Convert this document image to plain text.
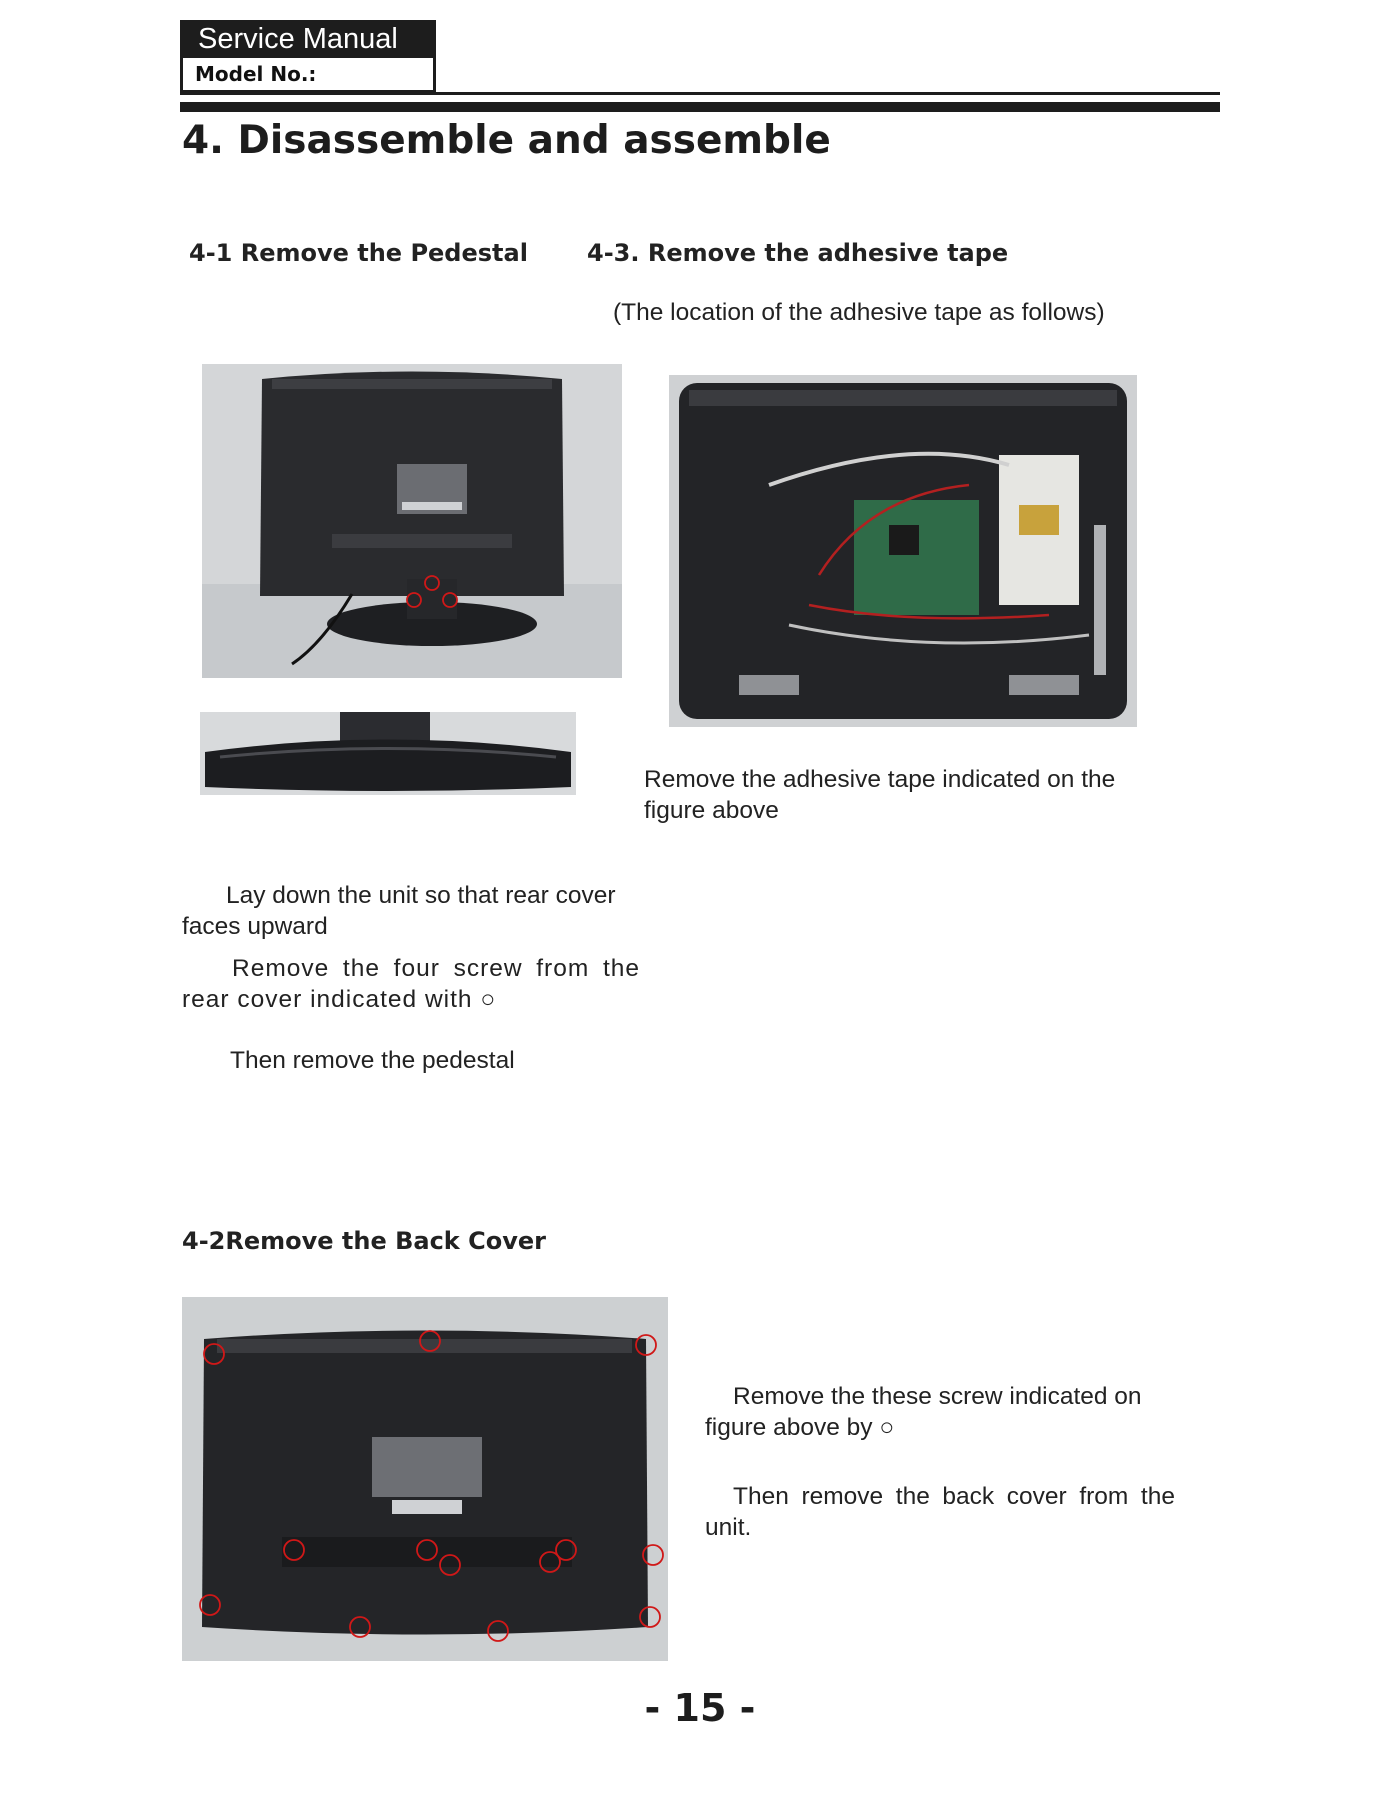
Service Manual
Model No.:
4. Disassemble and assemble
4-1 Remove the Pedestal
Lay down the unit so that rear cover faces upward
Remove the four screw from the rear cover indicated with ○
Then remove the pedestal
4-3. Remove the adhesive tape
(The location of the adhesive tape as follows)
Remove the adhesive tape indicated on the figure above
4-2Remove the Back Cover
Remove the these screw indicated on figure above by ○
Then remove the back cover from the unit.
- 15 -
